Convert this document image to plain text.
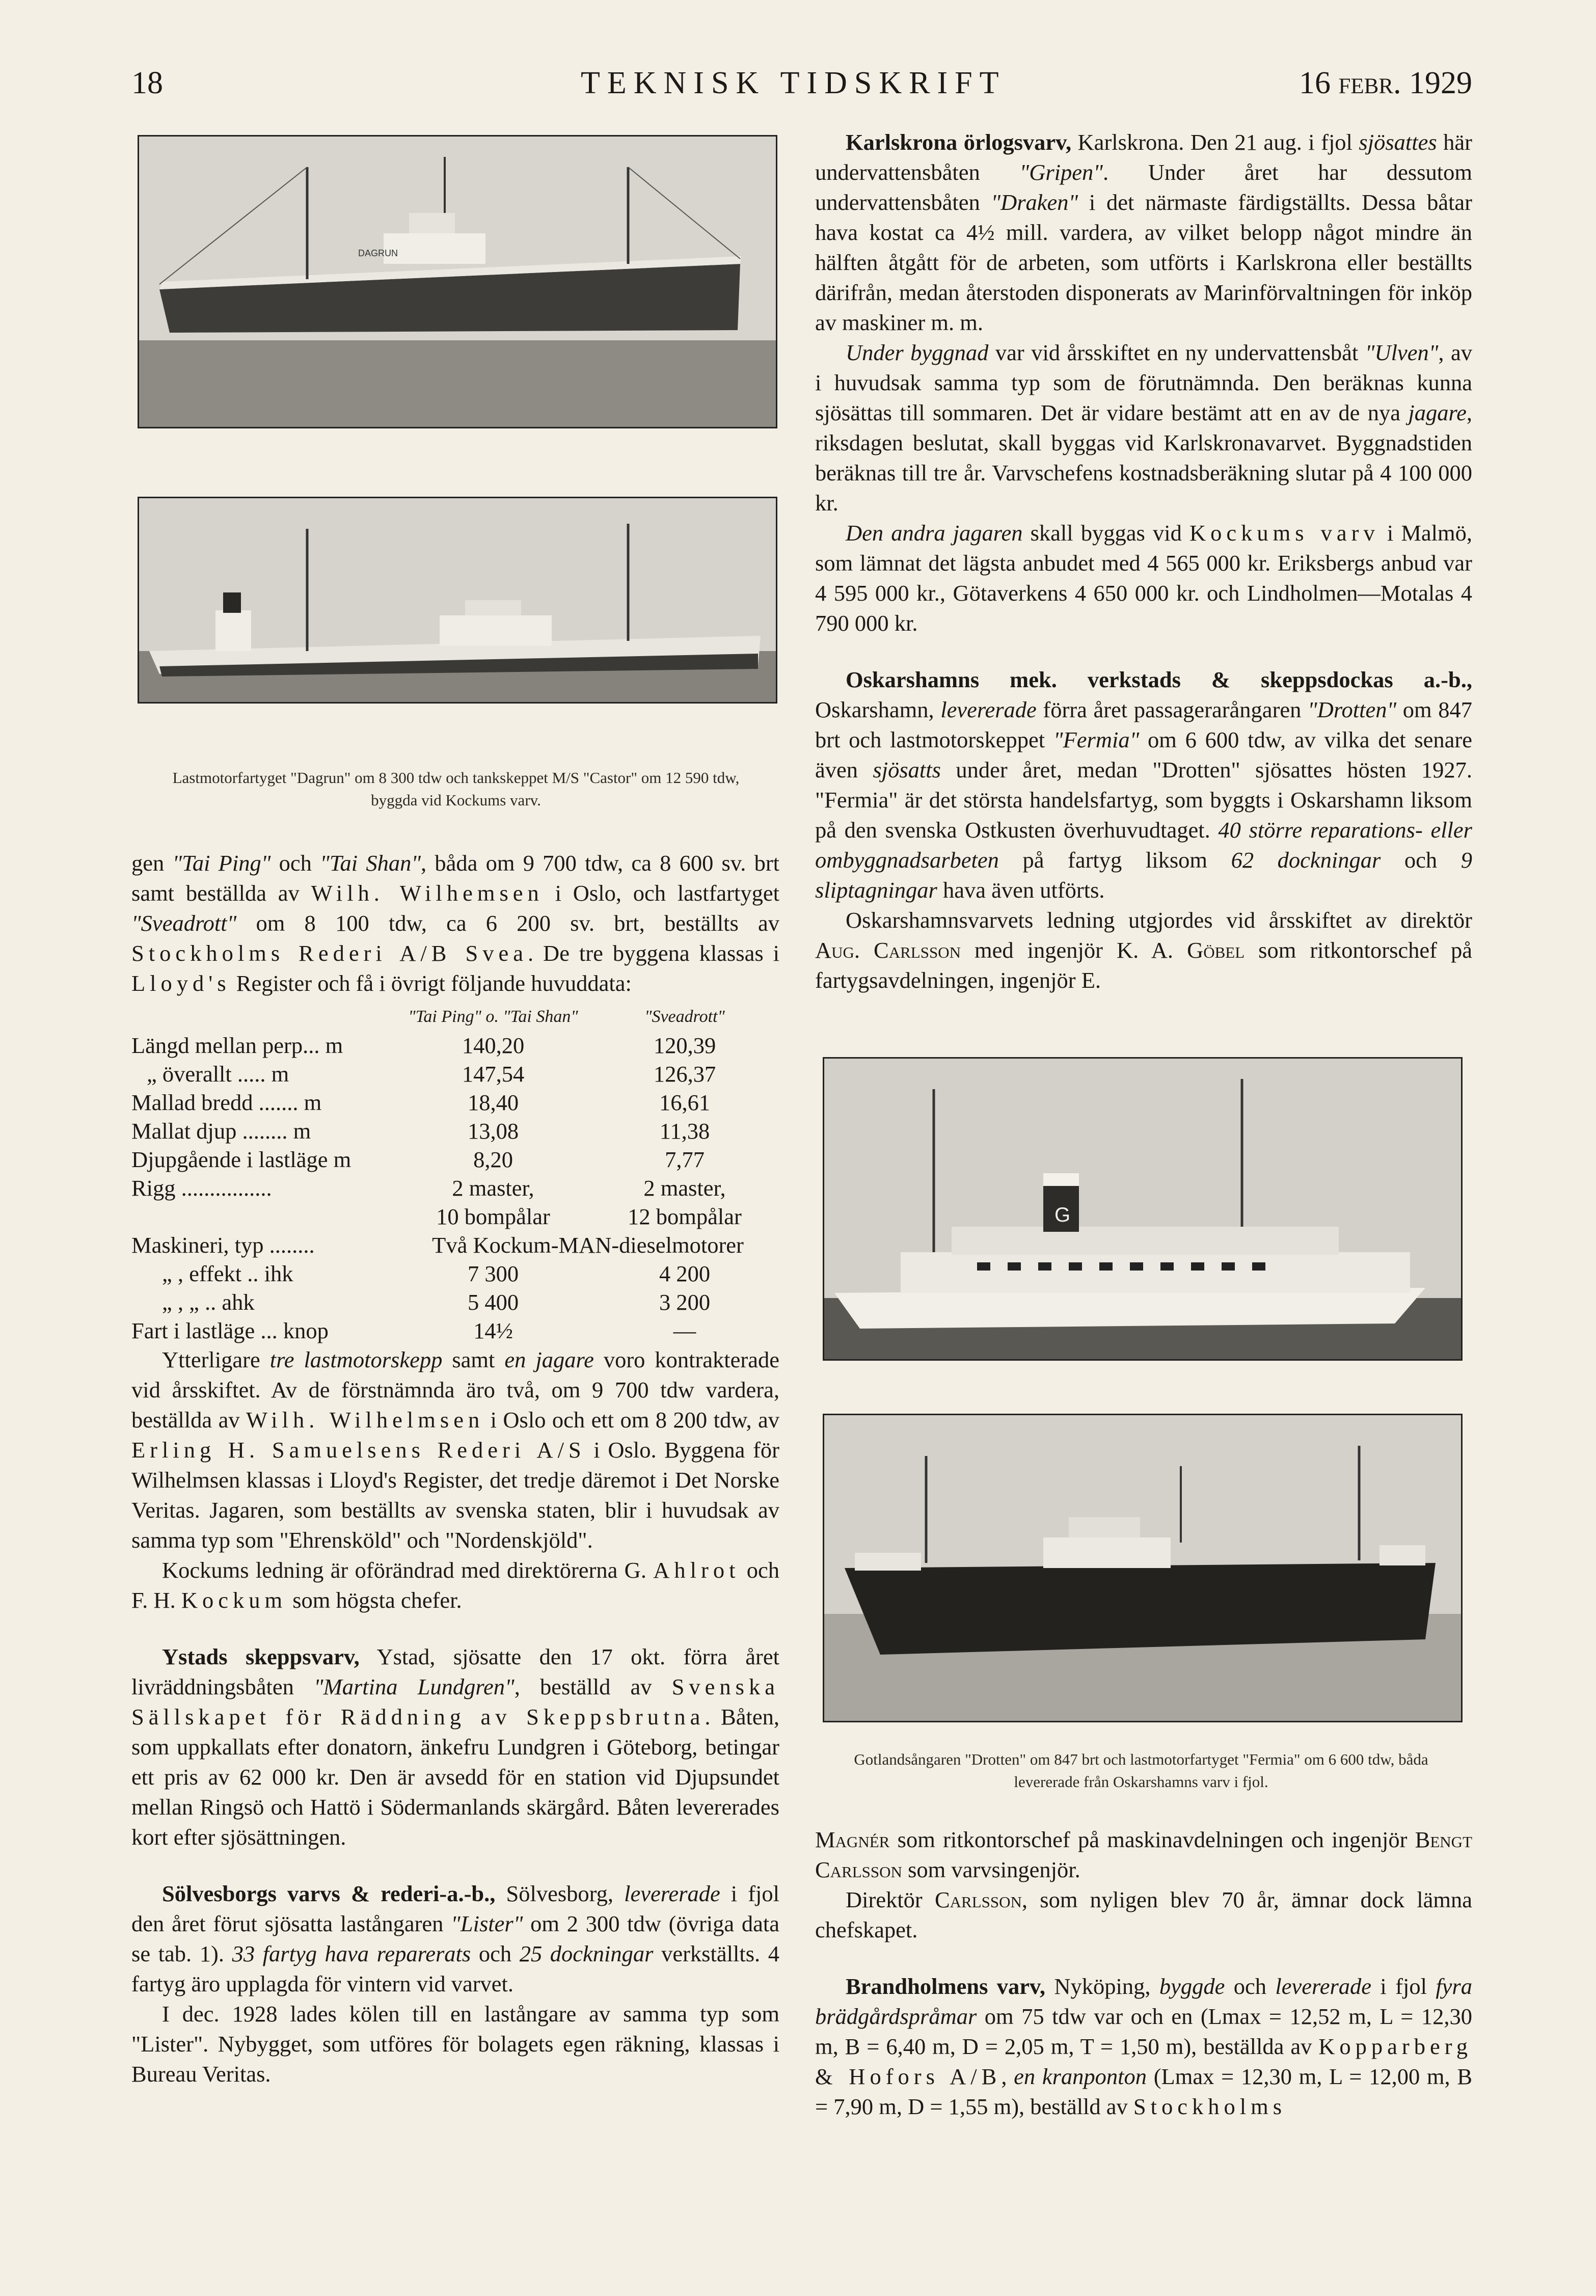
18	TEKNISK TIDSKRIFT	16 febr. 1929
DAGRUN
Lastmotorfartyget "Dagrun" om 8 300 tdw och tankskeppet M/S "Castor" om 12 590 tdw, byggda vid Kockums varv.

gen "Tai Ping" och "Tai Shan", båda om 9 700 tdw, ca 8 600 sv. brt samt beställda av Wilh. Wilhemsen i Oslo, och lastfartyget "Sveadrott" om 8 100 tdw, ca 6 200 sv. brt, beställts av Stockholms Rederi A/B Svea. De tre byggena klassas i Lloyd's Register och få i övrigt följande huvuddata:

	"Tai Ping" o. "Tai Shan"	"Sveadrott"
Längd mellan perp... m	140,20	120,39
„ överallt ..... m	147,54	126,37
Mallad bredd ....... m	18,40	16,61
Mallat djup ........ m	13,08	11,38
Djupgående i lastläge m	8,20	7,77
Rigg ................	2 master,	2 master,
	10 bompålar	12 bompålar
Maskineri, typ ........	Två Kockum-MAN-dieselmotorer	
„ , effekt .. ihk	7 300	4 200
„ , „ .. ahk	5 400	3 200
Fart i lastläge ... knop	14½	—

Ytterligare tre lastmotorskepp samt en jagare voro kontrakterade vid årsskiftet. Av de förstnämnda äro två, om 9 700 tdw vardera, beställda av Wilh. Wilhelmsen i Oslo och ett om 8 200 tdw, av Erling H. Samuelsens Rederi A/S i Oslo. Byggena för Wilhelmsen klassas i Lloyd's Register, det tredje däremot i Det Norske Veritas. Jagaren, som beställts av svenska staten, blir i huvudsak av samma typ som "Ehrensköld" och "Nordenskjöld".

Kockums ledning är oförändrad med direktörerna G. Ahlrot och F. H. Kockum som högsta chefer.

Ystads skeppsvarv, Ystad, sjösatte den 17 okt. förra året livräddningsbåten "Martina Lundgren", beställd av Svenska Sällskapet för Räddning av Skeppsbrutna. Båten, som uppkallats efter donatorn, änkefru Lundgren i Göteborg, betingar ett pris av 62 000 kr. Den är avsedd för en station vid Djupsundet mellan Ringsö och Hattö i Södermanlands skärgård. Båten levererades kort efter sjösättningen.

Sölvesborgs varvs & rederi-a.-b., Sölvesborg, levererade i fjol den året förut sjösatta lastångaren "Lister" om 2 300 tdw (övriga data se tab. 1). 33 fartyg hava reparerats och 25 dockningar verkställts. 4 fartyg äro upplagda för vintern vid varvet.

I dec. 1928 lades kölen till en lastångare av samma typ som "Lister". Nybygget, som utföres för bolagets egen räkning, klassas i Bureau Veritas.

Karlskrona örlogsvarv, Karlskrona. Den 21 aug. i fjol sjösattes här undervattensbåten "Gripen". Under året har dessutom undervattensbåten "Draken" i det närmaste färdigställts. Dessa båtar hava kostat ca 4½ mill. vardera, av vilket belopp något mindre än hälften åtgått för de arbeten, som utförts i Karlskrona eller beställts därifrån, medan återstoden disponerats av Marinförvaltningen för inköp av maskiner m. m.

Under byggnad var vid årsskiftet en ny undervattensbåt "Ulven", av i huvudsak samma typ som de förutnämnda. Den beräknas kunna sjösättas till sommaren. Det är vidare bestämt att en av de nya jagare, riksdagen beslutat, skall byggas vid Karlskronavarvet. Byggnadstiden beräknas till tre år. Varvschefens kostnadsberäkning slutar på 4 100 000 kr.

Den andra jagaren skall byggas vid Kockums varv i Malmö, som lämnat det lägsta anbudet med 4 565 000 kr. Eriksbergs anbud var 4 595 000 kr., Götaverkens 4 650 000 kr. och Lindholmen—Motalas 4 790 000 kr.

Oskarshamns mek. verkstads & skeppsdockas a.-b., Oskarshamn, levererade förra året passagerarångaren "Drotten" om 847 brt och lastmotorskeppet "Fermia" om 6 600 tdw, av vilka det senare även sjösatts under året, medan "Drotten" sjösattes hösten 1927. "Fermia" är det största handelsfartyg, som byggts i Oskarshamn liksom på den svenska Ostkusten överhuvudtaget. 40 större reparations- eller ombyggnadsarbeten på fartyg liksom 62 dockningar och 9 sliptagningar hava även utförts.

Oskarshamnsvarvets ledning utgjordes vid årsskiftet av direktör Aug. Carlsson med ingenjör K. A. Göbel som ritkontorschef på fartygsavdelningen, ingenjör E.

G
Gotlandsångaren "Drotten" om 847 brt och lastmotorfartyget "Fermia" om 6 600 tdw, båda levererade från Oskarshamns varv i fjol.

Magnér som ritkontorschef på maskinavdelningen och ingenjör Bengt Carlsson som varvsingenjör.

Direktör Carlsson, som nyligen blev 70 år, ämnar dock lämna chefskapet.

Brandholmens varv, Nyköping, byggde och levererade i fjol fyra brädgårdspråmar om 75 tdw var och en (Lmax = 12,52 m, L = 12,30 m, B = 6,40 m, D = 2,05 m, T = 1,50 m), beställda av Kopparberg & Hofors A/B, en kranponton (Lmax = 12,30 m, L = 12,00 m, B = 7,90 m, D = 1,55 m), beställd av Stockholms
